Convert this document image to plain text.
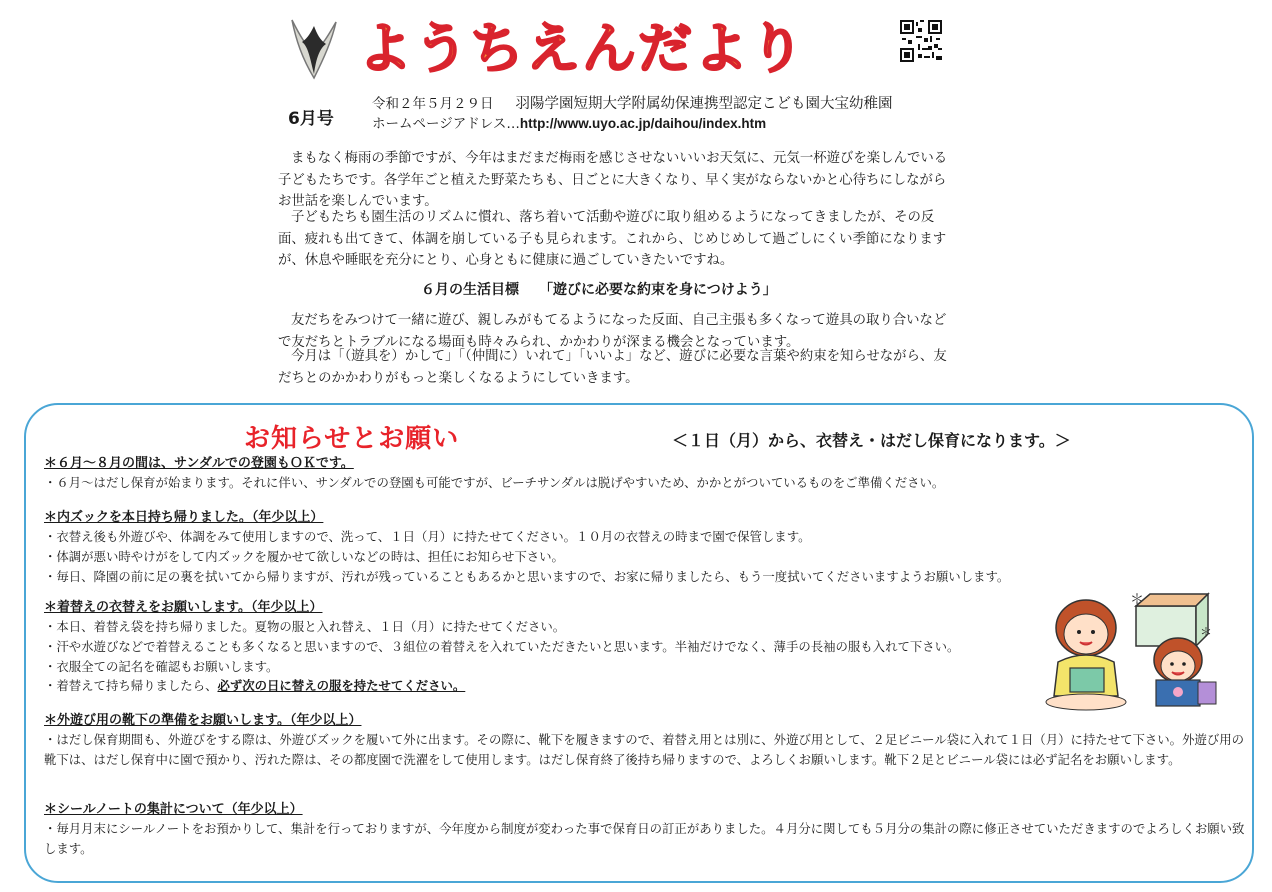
ようちえんだより
6月号
令和２年５月２９日 羽陽学園短期大学附属幼保連携型認定こども園大宝幼稚園
ホームページアドレス…http://www.uyo.ac.jp/daihou/index.htm

まもなく梅雨の季節ですが、今年はまだまだ梅雨を感じさせないいいお天気に、元気一杯遊びを楽しんでいる子どもたちです。各学年ごと植えた野菜たちも、日ごとに大きくなり、早く実がならないかと心待ちにしながらお世話を楽しんでいます。

子どもたちも園生活のリズムに慣れ、落ち着いて活動や遊びに取り組めるようになってきましたが、その反面、疲れも出てきて、体調を崩している子も見られます。これから、じめじめして過ごしにくい季節になりますが、休息や睡眠を充分にとり、心身ともに健康に過ごしていきたいですね。

６月の生活目標 「遊びに必要な約束を身につけよう」

友だちをみつけて一緒に遊び、親しみがもてるようになった反面、自己主張も多くなって遊具の取り合いなどで友だちとトラブルになる場面も時々みられ、かかわりが深まる機会となっています。

今月は「（遊具を）かして」「（仲間に）いれて」「いいよ」など、遊びに必要な言葉や約束を知らせながら、友だちとのかかわりがもっと楽しくなるようにしていきます。

お知らせとお願い	＜１日（月）から、衣替え・はだし保育になります。＞
＊６月～８月の間は、サンダルでの登園もＯＫです。

・６月～はだし保育が始まります。それに伴い、サンダルでの登園も可能ですが、ビーチサンダルは脱げやすいため、かかとがついているものをご準備ください。

＊内ズックを本日持ち帰りました。（年少以上）

・衣替え後も外遊びや、体調をみて使用しますので、洗って、１日（月）に持たせてください。１０月の衣替えの時まで園で保管します。

・体調が悪い時やけがをして内ズックを履かせて欲しいなどの時は、担任にお知らせ下さい。

・毎日、降園の前に足の裏を拭いてから帰りますが、汚れが残っていることもあるかと思いますので、お家に帰りましたら、もう一度拭いてくださいますようお願いします。

＊着替えの衣替えをお願いします。（年少以上）

・本日、着替え袋を持ち帰りました。夏物の服と入れ替え、１日（月）に持たせてください。

・汗や水遊びなどで着替えることも多くなると思いますので、３組位の着替えを入れていただきたいと思います。半袖だけでなく、薄手の長袖の服も入れて下さい。

・衣服全ての記名を確認もお願いします。

・着替えて持ち帰りましたら、必ず次の日に替えの服を持たせてください。

＊外遊び用の靴下の準備をお願いします。（年少以上）

・はだし保育期間も、外遊びをする際は、外遊びズックを履いて外に出ます。その際に、靴下を履きますので、着替え用とは別に、外遊び用として、２足ビニール袋に入れて１日（月）に持たせて下さい。外遊び用の靴下は、はだし保育中に園で預かり、汚れた際は、その都度園で洗濯をして使用します。はだし保育終了後持ち帰りますので、よろしくお願いします。靴下２足とビニール袋には必ず記名をお願いします。

＊シールノートの集計について（年少以上）

・毎月月末にシールノートをお預かりして、集計を行っておりますが、今年度から制度が変わった事で保育日の訂正がありました。４月分に関しても５月分の集計の際に修正させていただきますのでよろしくお願い致します。

＊
＊
